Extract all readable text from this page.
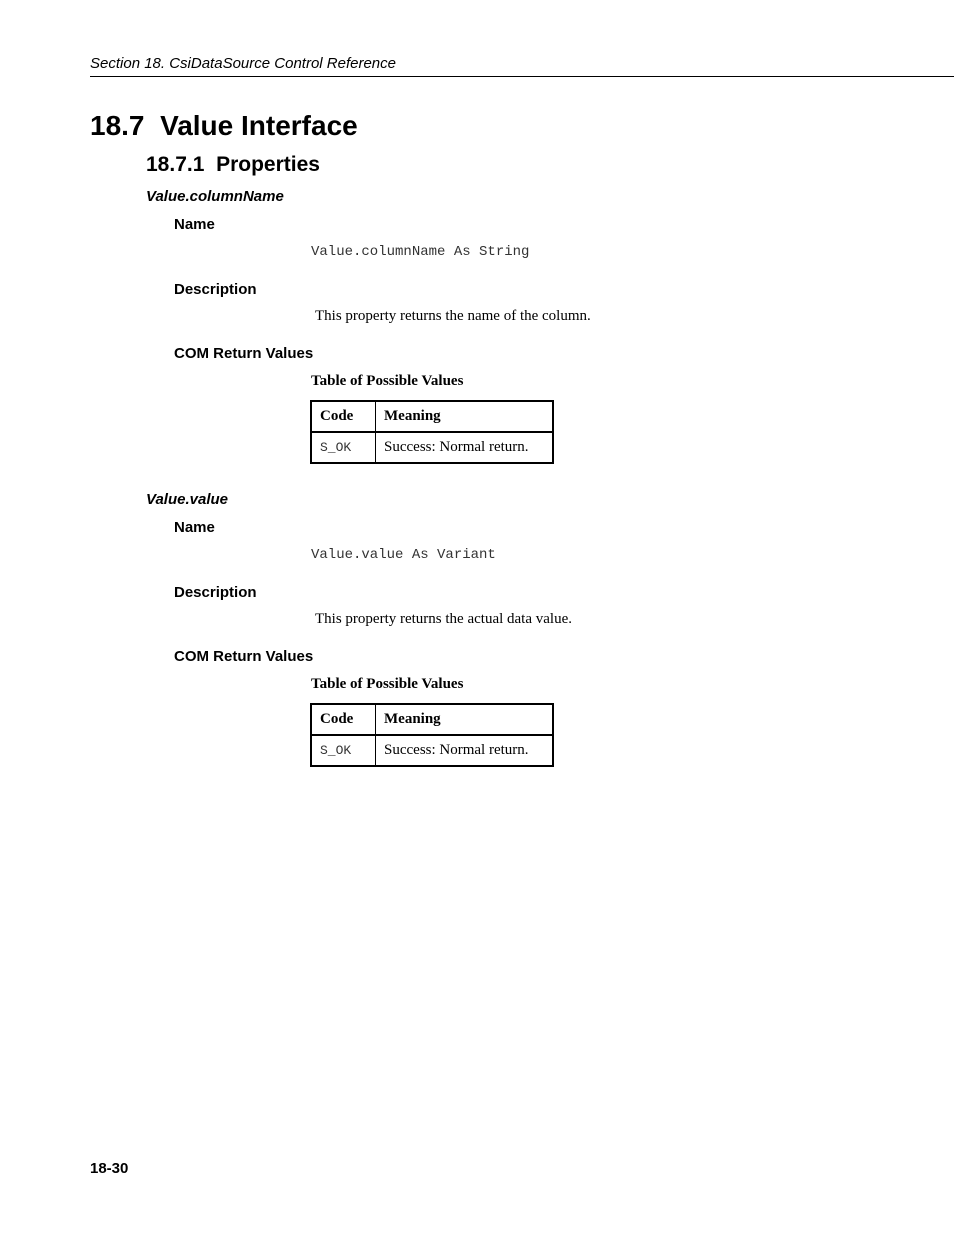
Section 18. CsiDataSource Control Reference
18.7 Value Interface
18.7.1 Properties
Value.columnName
Name
Value.columnName As String
Description
This property returns the name of the column.
COM Return Values
Table of Possible Values
Code	Meaning
S_OK	Success: Normal return.
Value.value
Name
Value.value As Variant
Description
This property returns the actual data value.
COM Return Values
Table of Possible Values
Code	Meaning
S_OK	Success: Normal return.
18-30
